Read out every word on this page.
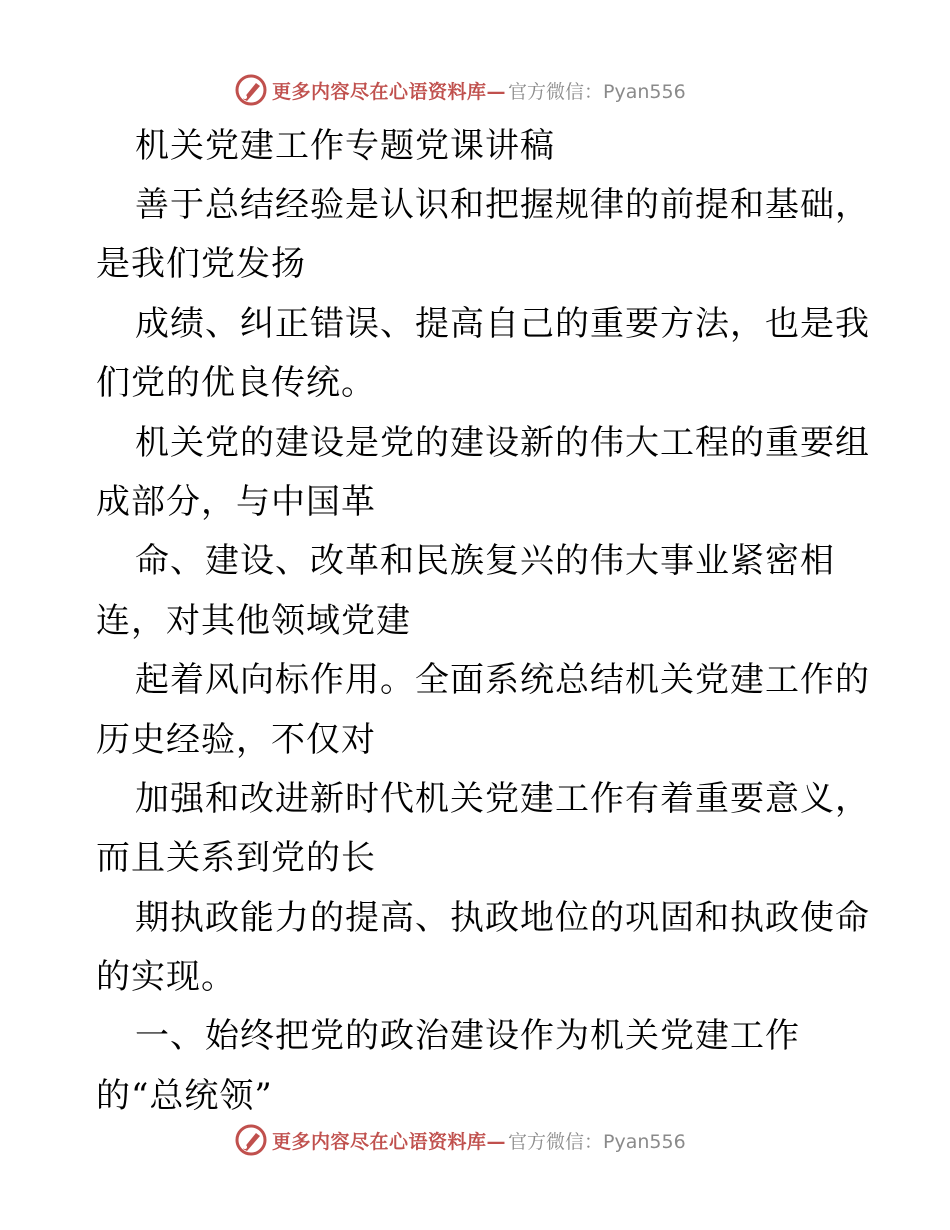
更多内容尽在心语资料库— 官方微信：Pyan556
机关党建工作专题党课讲稿
善于总结经验是认识和把握规律的前提和基础，
是我们党发扬
成绩、纠正错误、提高自己的重要方法，也是我
们党的优良传统。
机关党的建设是党的建设新的伟大工程的重要组
成部分，与中国革
命、建设、改革和民族复兴的伟大事业紧密相
连，对其他领域党建
起着风向标作用。全面系统总结机关党建工作的
历史经验，不仅对
加强和改进新时代机关党建工作有着重要意义，
而且关系到党的长
期执政能力的提高、执政地位的巩固和执政使命
的实现。
一、始终把党的政治建设作为机关党建工作
的“总统领”
更多内容尽在心语资料库— 官方微信：Pyan556
